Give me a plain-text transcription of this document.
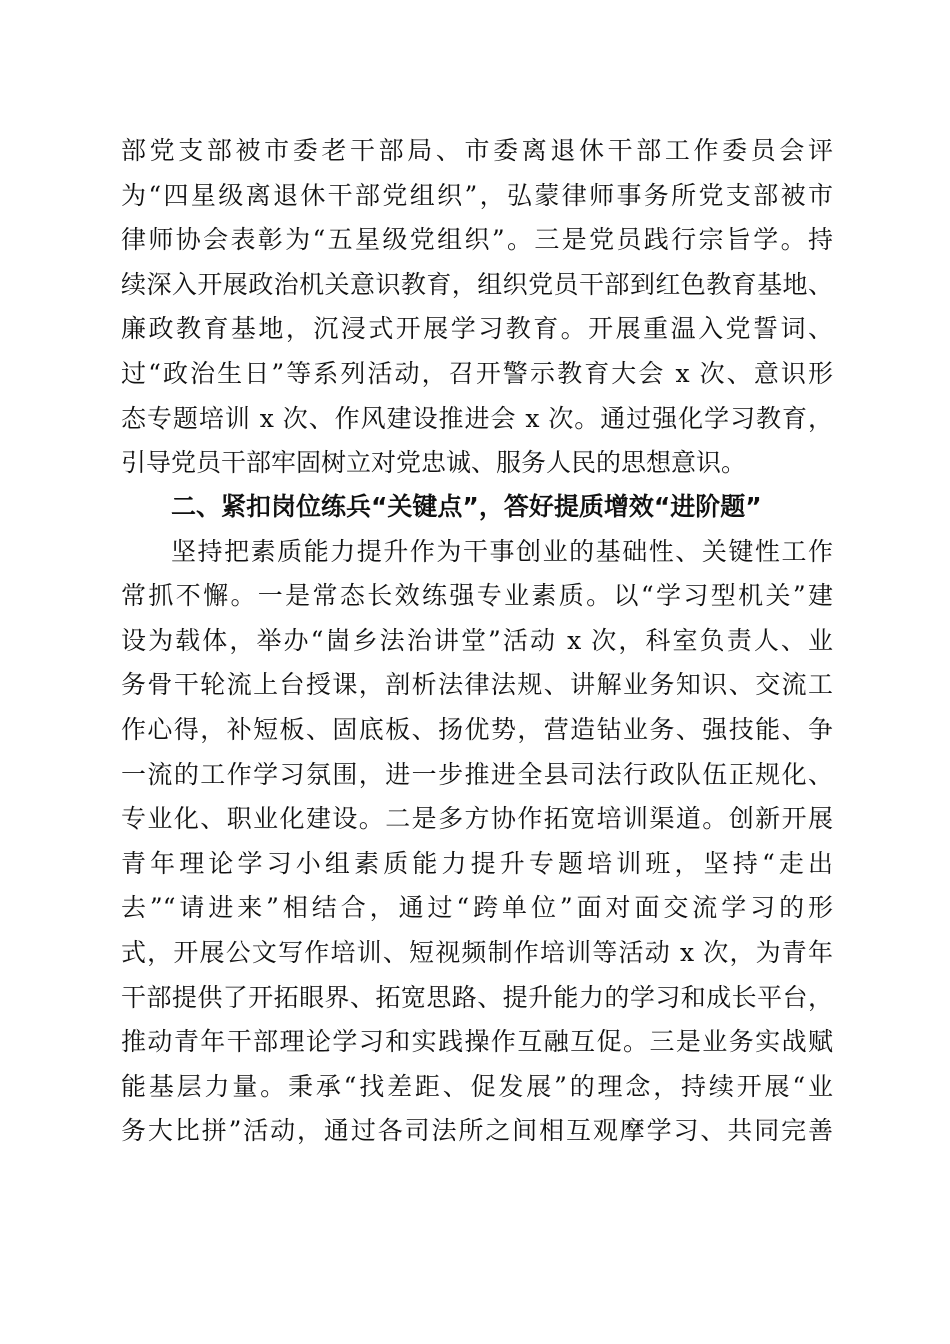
部党支部被市委老干部局、市委离退休干部工作委员会评
为“四星级离退休干部党组织”，弘蒙律师事务所党支部被市
律师协会表彰为“五星级党组织”。三是党员践行宗旨学。持
续深入开展政治机关意识教育，组织党员干部到红色教育基地、
廉政教育基地，沉浸式开展学习教育。开展重温入党誓词、
过“政治生日”等系列活动，召开警示教育大会 x 次、意识形
态专题培训 x 次、作风建设推进会 x 次。通过强化学习教育，
引导党员干部牢固树立对党忠诚、服务人民的思想意识。
二、紧扣岗位练兵“关键点”，答好提质增效“进阶题”
坚持把素质能力提升作为干事创业的基础性、关键性工作
常抓不懈。一是常态长效练强专业素质。以“学习型机关”建
设为载体，举办“崮乡法治讲堂”活动 x 次，科室负责人、业
务骨干轮流上台授课，剖析法律法规、讲解业务知识、交流工
作心得，补短板、固底板、扬优势，营造钻业务、强技能、争
一流的工作学习氛围，进一步推进全县司法行政队伍正规化、
专业化、职业化建设。二是多方协作拓宽培训渠道。创新开展
青年理论学习小组素质能力提升专题培训班，坚持“走出
去”“请进来”相结合，通过“跨单位”面对面交流学习的形
式，开展公文写作培训、短视频制作培训等活动 x 次，为青年
干部提供了开拓眼界、拓宽思路、提升能力的学习和成长平台，
推动青年干部理论学习和实践操作互融互促。三是业务实战赋
能基层力量。秉承“找差距、促发展”的理念，持续开展“业
务大比拼”活动，通过各司法所之间相互观摩学习、共同完善
